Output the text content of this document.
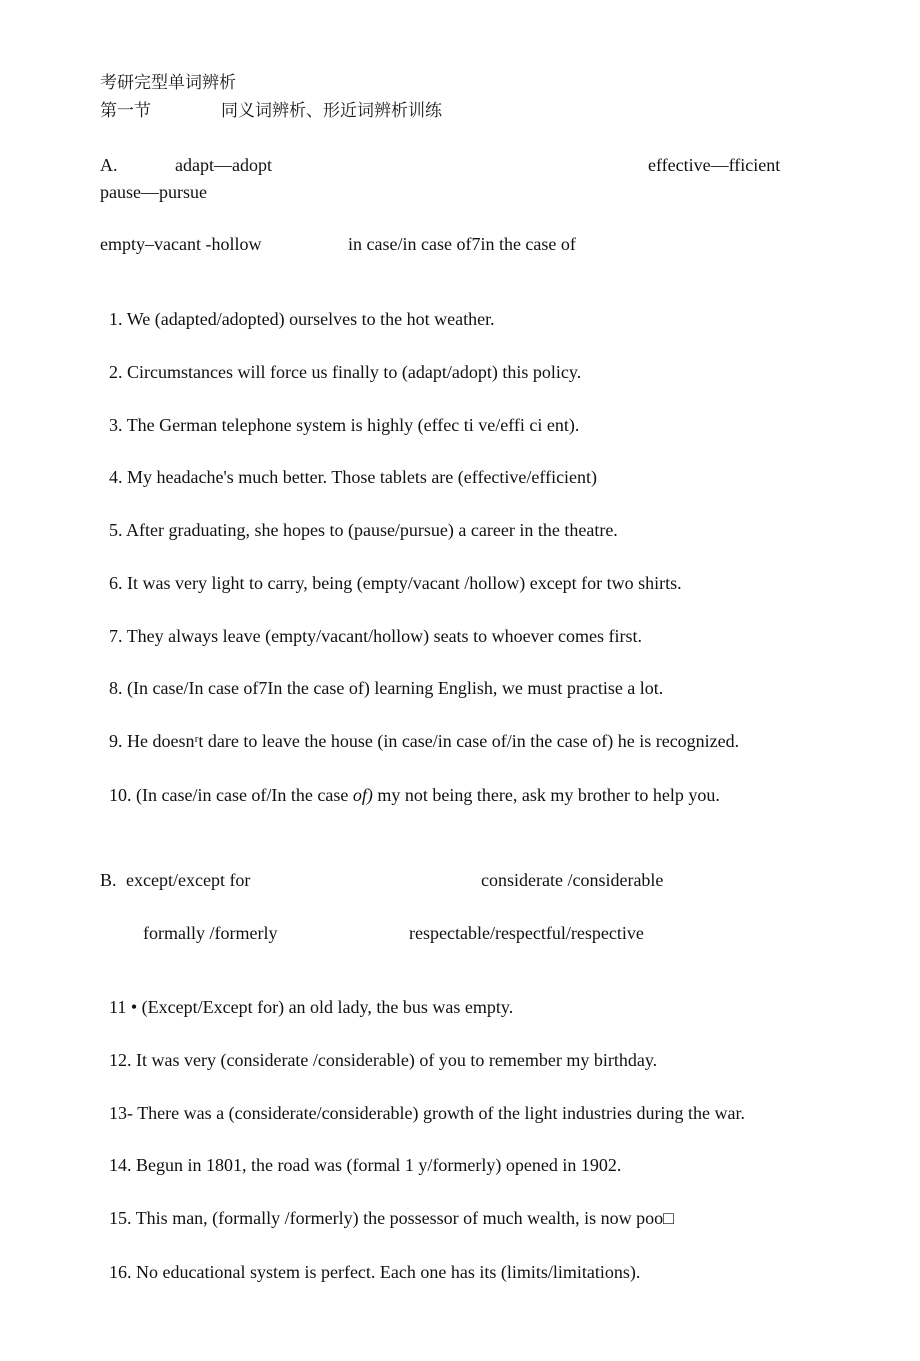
考研完型单词辨析
第一节	同义词辨析、形近词辨析训练
A.	adapt—adopt	effective—fficient
pause—pursue
empty–vacant -hollow	in case/in case of7in the case of

1. We (adapted/adopted) ourselves to the hot weather.

2. Circumstances will force us finally to (adapt/adopt) this policy.

3. The German telephone system is highly (effec ti ve/effi ci ent).

4. My headache's much better. Those tablets are (effective/efficient)

5. After graduating, she hopes to (pause/pursue) a career in the theatre.

6. It was very light to carry, being (empty/vacant /hollow) except for two shirts.

7. They always leave (empty/vacant/hollow) seats to whoever comes first.

8. (In case/In case of7In the case of) learning English, we must practise a lot.

9. He doesnʳt dare to leave the house (in case/in case of/in the case of) he is recognized.

10. (In case/in case of/In the case of) my not being there, ask my brother to help you.

B. except/except for	considerate /considerable
formally /formerly	respectable/respectful/respective

11 • (Except/Except for) an old lady, the bus was empty.

12. It was very (considerate /considerable) of you to remember my birthday.

13- There was a (considerate/considerable) growth of the light industries during the war.

14. Begun in 1801, the road was (formal 1 y/formerly) opened in 1902.

15. This man, (formally /formerly) the possessor of much wealth, is now poo□

16. No educational system is perfect. Each one has its (limits/limitations).
